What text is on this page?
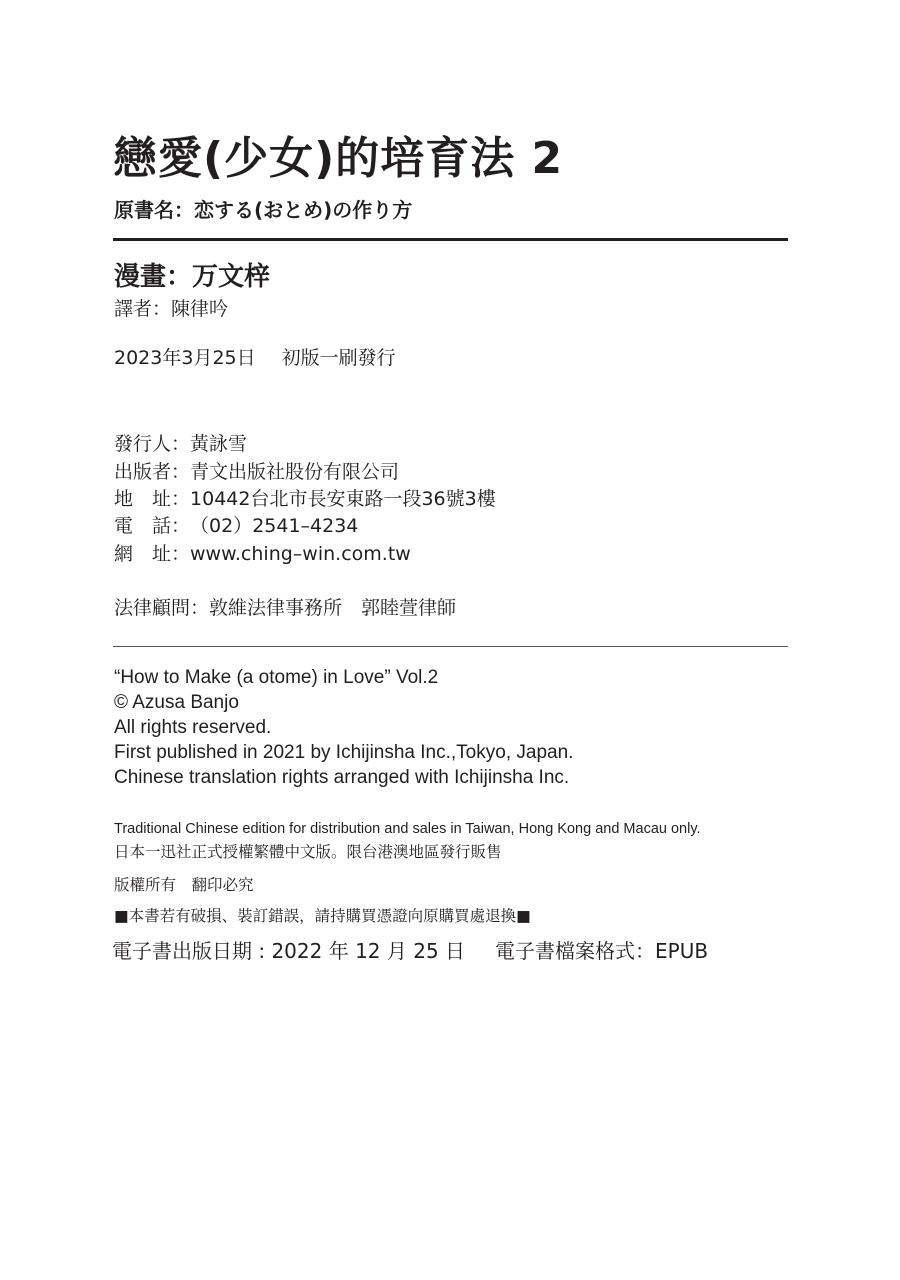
戀愛(少女)的培育法 2
原書名：恋する(おとめ)の作り方
漫畫：万文梓
譯者：陳律吟
2023年3月25日 初版一刷發行
發行人：黃詠雪
出版者：青文出版社股份有限公司
地　址：10442台北市長安東路一段36號3樓
電　話：（02）2541–4234
網　址：www.ching–win.com.tw
法律顧問：敦維法律事務所　郭睦萱律師
“How to Make (a otome) in Love” Vol.2
© Azusa Banjo
All rights reserved.
First published in 2021 by Ichijinsha Inc.,Tokyo, Japan.
Chinese translation rights arranged with Ichijinsha Inc.
Traditional Chinese edition for distribution and sales in Taiwan, Hong Kong and Macau only.
日本一迅社正式授權繁體中文版。限台港澳地區發行販售
版權所有　翻印必究
■本書若有破損、裝訂錯誤，請持購買憑證向原購買處退換■
電子書出版日期 : 2022 年 12 月 25 日 電子書檔案格式：EPUB
